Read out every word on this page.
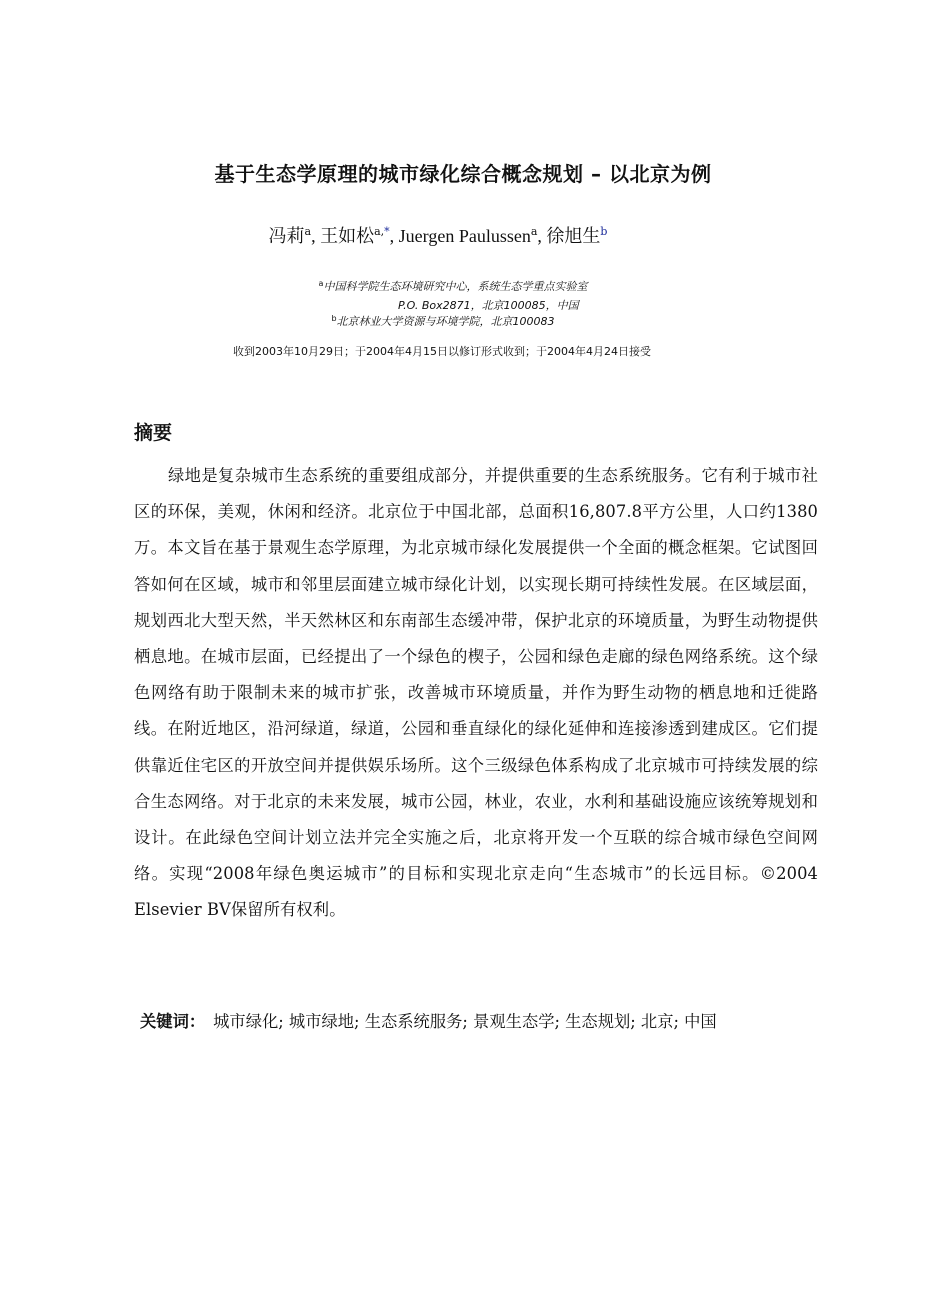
基于生态学原理的城市绿化综合概念规划 – 以北京为例
冯莉$^a$, 王如松$^{a,*}$, Juergen Paulussen$^a$, 徐旭生$^b$
$^a$中国科学院生态环境研究中心，系统生态学重点实验室
P.O. Box2871，北京100085，中国
$^b$北京林业大学资源与环境学院，北京100083
收到2003年10月29日；于2004年4月15日以修订形式收到；于2004年4月24日接受
摘要

绿地是复杂城市生态系统的重要组成部分，并提供重要的生态系统服务。它有利于城市社区的环保，美观，休闲和经济。北京位于中国北部，总面积16,807.8平方公里，人口约1380万。本文旨在基于景观生态学原理，为北京城市绿化发展提供一个全面的概念框架。它试图回答如何在区域，城市和邻里层面建立城市绿化计划，以实现长期可持续性发展。在区域层面，规划西北大型天然，半天然林区和东南部生态缓冲带，保护北京的环境质量，为野生动物提供栖息地。在城市层面，已经提出了一个绿色的楔子，公园和绿色走廊的绿色网络系统。这个绿色网络有助于限制未来的城市扩张，改善城市环境质量，并作为野生动物的栖息地和迁徙路线。在附近地区，沿河绿道，绿道，公园和垂直绿化的绿化延伸和连接渗透到建成区。它们提供靠近住宅区的开放空间并提供娱乐场所。这个三级绿色体系构成了北京城市可持续发展的综合生态网络。对于北京的未来发展，城市公园，林业，农业，水利和基础设施应该统筹规划和设计。在此绿色空间计划立法并完全实施之后，北京将开发一个互联的综合城市绿色空间网络。实现“2008年绿色奥运城市”的目标和实现北京走向“生态城市”的长远目标。©2004 Elsevier BV保留所有权利。

关键词： 城市绿化; 城市绿地; 生态系统服务; 景观生态学; 生态规划; 北京; 中国
